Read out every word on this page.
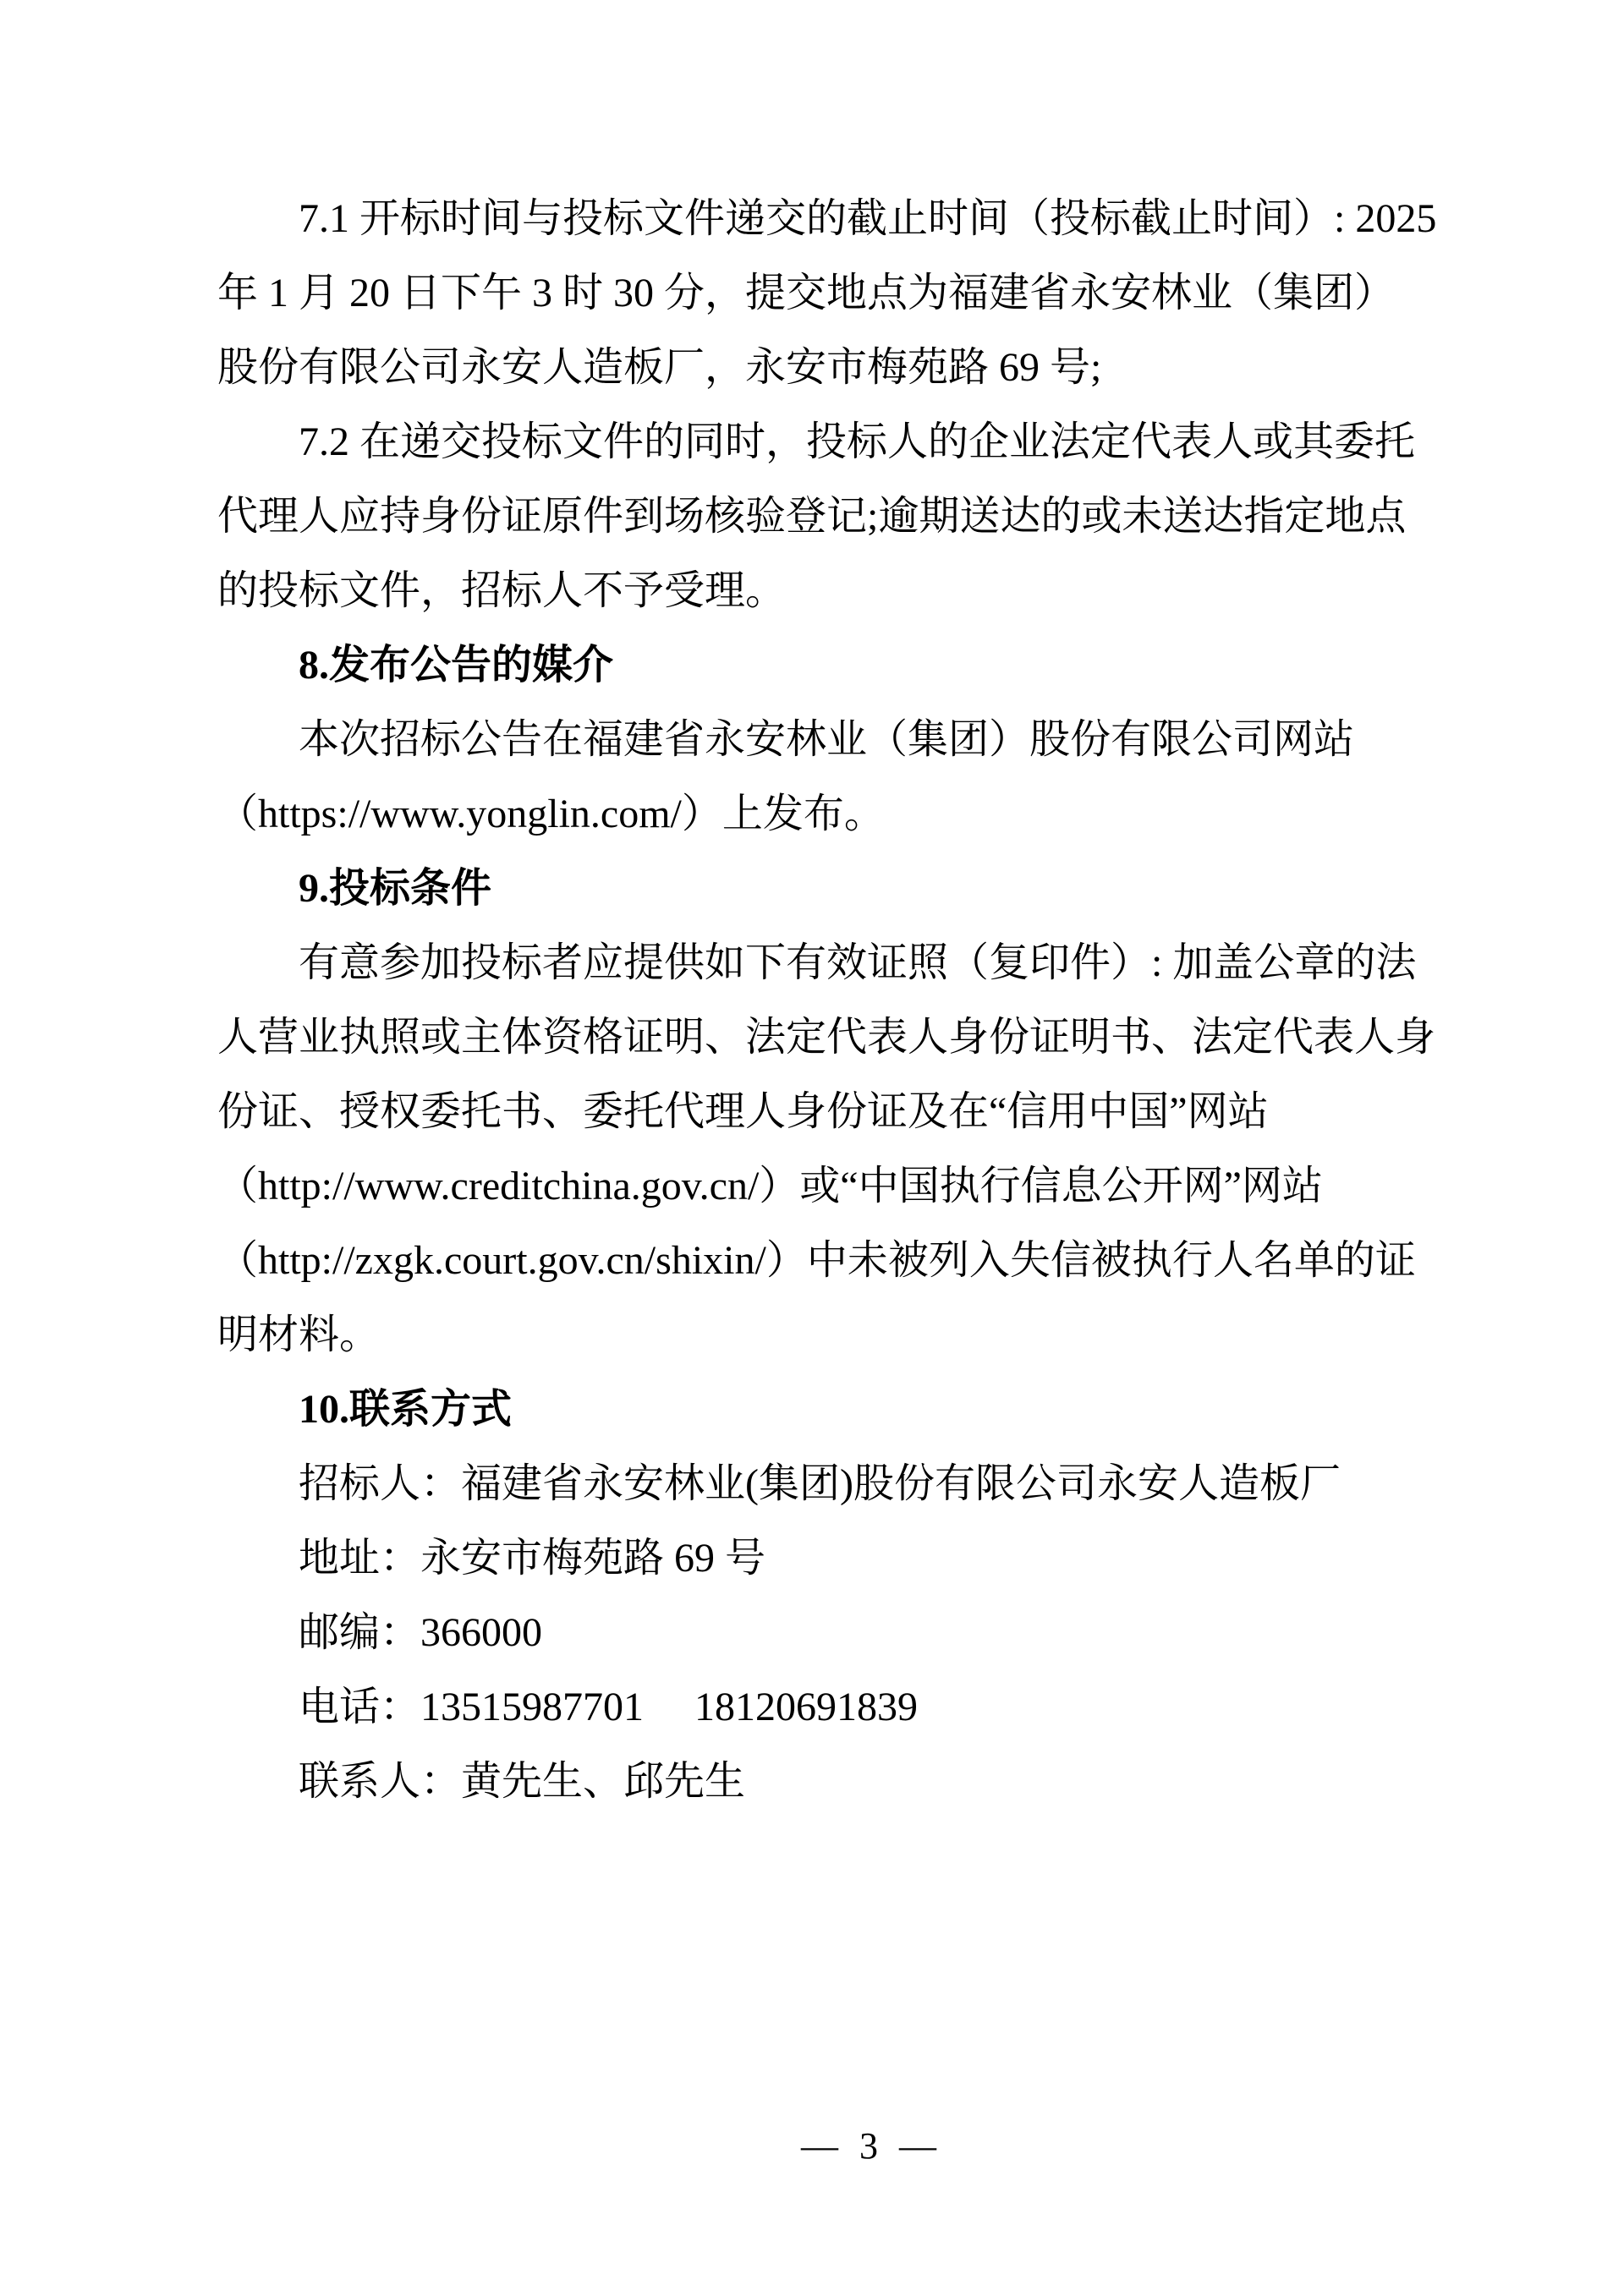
7.1 开标时间与投标文件递交的截止时间（投标截止时间）: 2025
年 1 月 20 日下午 3 时 30 分，提交地点为福建省永安林业（集团）
股份有限公司永安人造板厂，永安市梅苑路 69 号;
7.2 在递交投标文件的同时，投标人的企业法定代表人或其委托
代理人应持身份证原件到场核验登记;逾期送达的或未送达指定地点
的投标文件，招标人不予受理。
8.发布公告的媒介
本次招标公告在福建省永安林业（集团）股份有限公司网站
（https://www.yonglin.com/）上发布。
9.投标条件
有意参加投标者应提供如下有效证照（复印件）: 加盖公章的法
人营业执照或主体资格证明、法定代表人身份证明书、法定代表人身
份证、授权委托书、委托代理人身份证及在“信用中国”网站
（http://www.creditchina.gov.cn/）或“中国执行信息公开网”网站
（http://zxgk.court.gov.cn/shixin/）中未被列入失信被执行人名单的证
明材料。
10.联系方式
招标人：福建省永安林业(集团)股份有限公司永安人造板厂
地址：永安市梅苑路 69 号
邮编：366000
电话：13515987701　 18120691839
联系人：黄先生、邱先生
— 3 —
